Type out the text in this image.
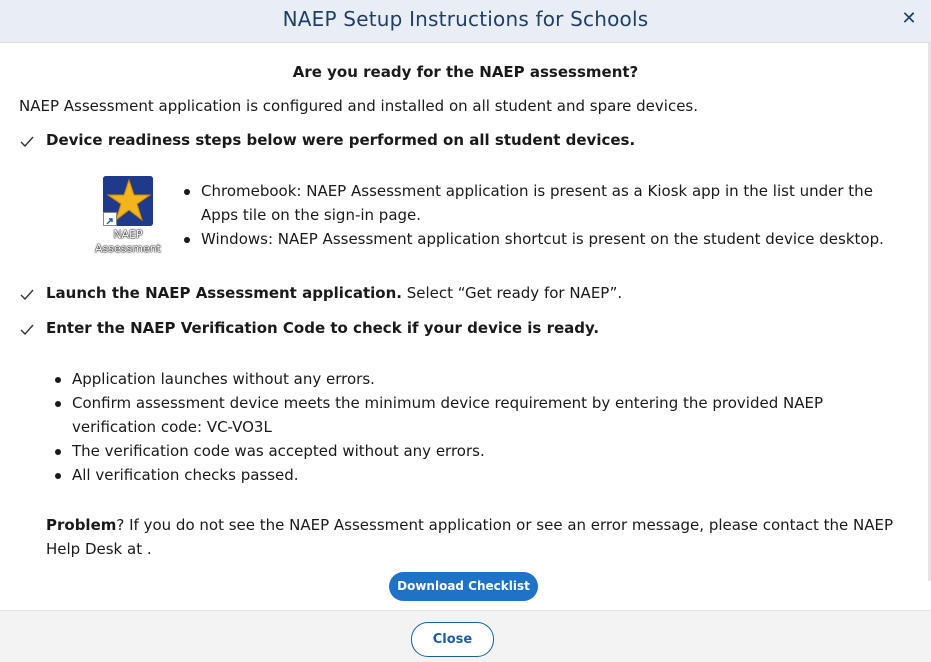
NAEP Setup Instructions for Schools	✕
Are you ready for the NAEP assessment?
NAEP Assessment application is configured and installed on all student and spare devices.
Device readiness steps below were performed on all student devices.
NAEP
Assessment
Chromebook: NAEP Assessment application is present as a Kiosk app in the list under the Apps tile on the sign-in page.
Windows: NAEP Assessment application shortcut is present on the student device desktop.
Launch the NAEP Assessment application. Select “Get ready for NAEP”.
Enter the NAEP Verification Code to check if your device is ready.
Application launches without any errors.
Confirm assessment device meets the minimum device requirement by entering the provided NAEP verification code: VC-VO3L
The verification code was accepted without any errors.
All verification checks passed.
Problem? If you do not see the NAEP Assessment application or see an error message, please contact the NAEP Help Desk at .
Download Checklist
Close
